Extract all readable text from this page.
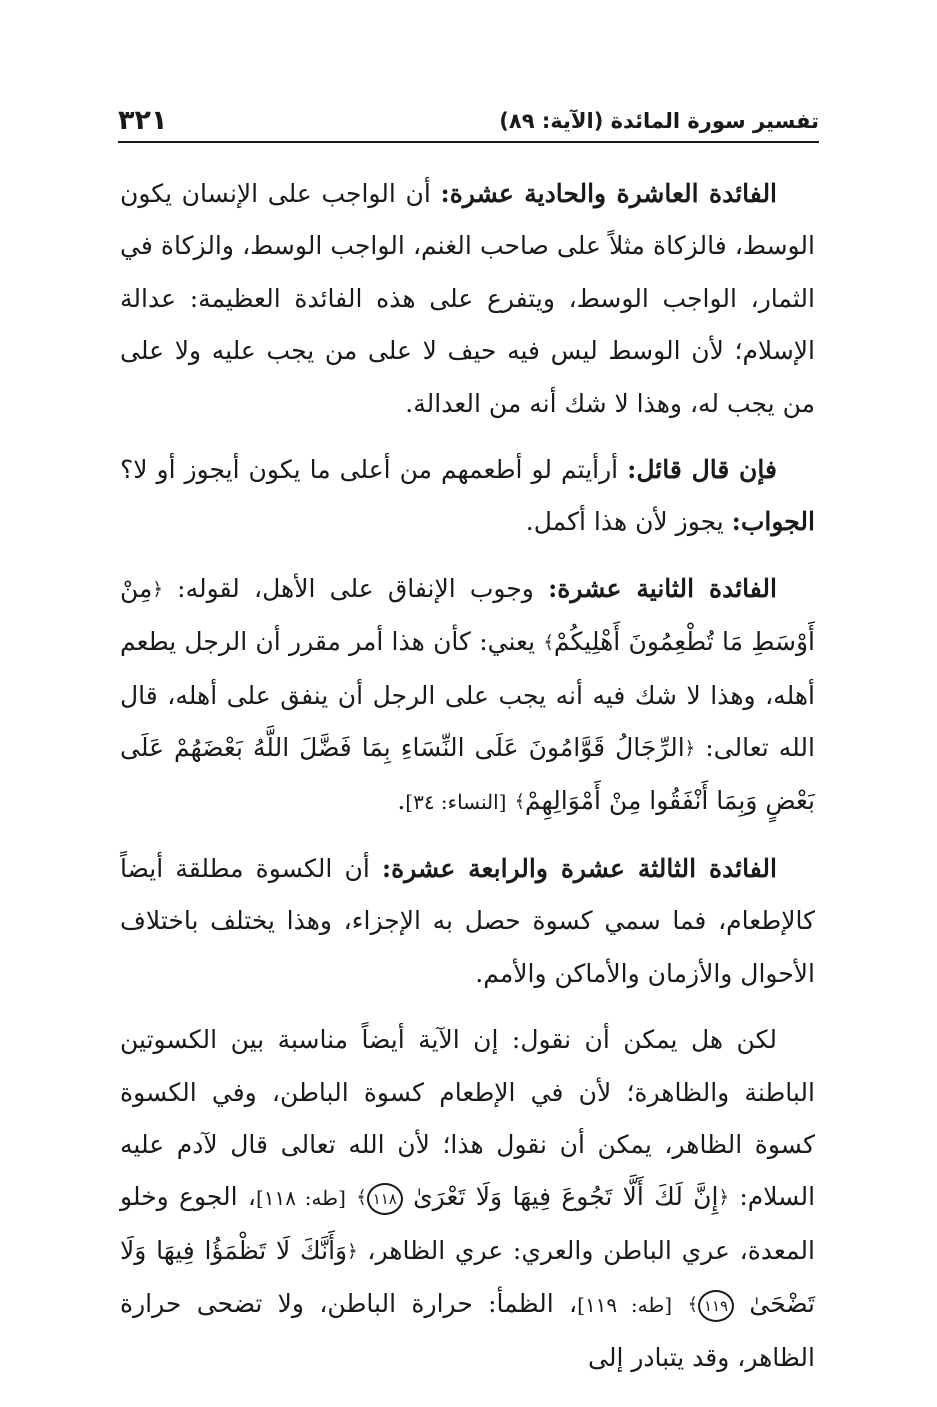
تفسير سورة المائدة (الآية: ٨٩)
٣٢١

الفائدة العاشرة والحادية عشرة: أن الواجب على الإنسان يكون الوسط، فالزكاة مثلاً على صاحب الغنم، الواجب الوسط، والزكاة في الثمار، الواجب الوسط، ويتفرع على هذه الفائدة العظيمة: عدالة الإسلام؛ لأن الوسط ليس فيه حيف لا على من يجب عليه ولا على من يجب له، وهذا لا شك أنه من العدالة.

فإن قال قائل: أرأيتم لو أطعمهم من أعلى ما يكون أيجوز أو لا؟ الجواب: يجوز لأن هذا أكمل.

الفائدة الثانية عشرة: وجوب الإنفاق على الأهل، لقوله: ﴿مِنْ أَوْسَطِ مَا تُطْعِمُونَ أَهْلِيكُمْ﴾ يعني: كأن هذا أمر مقرر أن الرجل يطعم أهله، وهذا لا شك فيه أنه يجب على الرجل أن ينفق على أهله، قال الله تعالى: ﴿الرِّجَالُ قَوَّامُونَ عَلَى النِّسَاءِ بِمَا فَضَّلَ اللَّهُ بَعْضَهُمْ عَلَى بَعْضٍ وَبِمَا أَنْفَقُوا مِنْ أَمْوَالِهِمْ﴾ [النساء: ٣٤].

الفائدة الثالثة عشرة والرابعة عشرة: أن الكسوة مطلقة أيضاً كالإطعام، فما سمي كسوة حصل به الإجزاء، وهذا يختلف باختلاف الأحوال والأزمان والأماكن والأمم.

لكن هل يمكن أن نقول: إن الآية أيضاً مناسبة بين الكسوتين الباطنة والظاهرة؛ لأن في الإطعام كسوة الباطن، وفي الكسوة كسوة الظاهر، يمكن أن نقول هذا؛ لأن الله تعالى قال لآدم عليه السلام: ﴿إِنَّ لَكَ أَلَّا تَجُوعَ فِيهَا وَلَا تَعْرَىٰ ١١٨﴾ [طه: ١١٨]، الجوع وخلو المعدة، عري الباطن والعري: عري الظاهر، ﴿وَأَنَّكَ لَا تَظْمَؤُا فِيهَا وَلَا تَضْحَىٰ ١١٩﴾ [طه: ١١٩]، الظمأ: حرارة الباطن، ولا تضحى حرارة الظاهر، وقد يتبادر إلى
